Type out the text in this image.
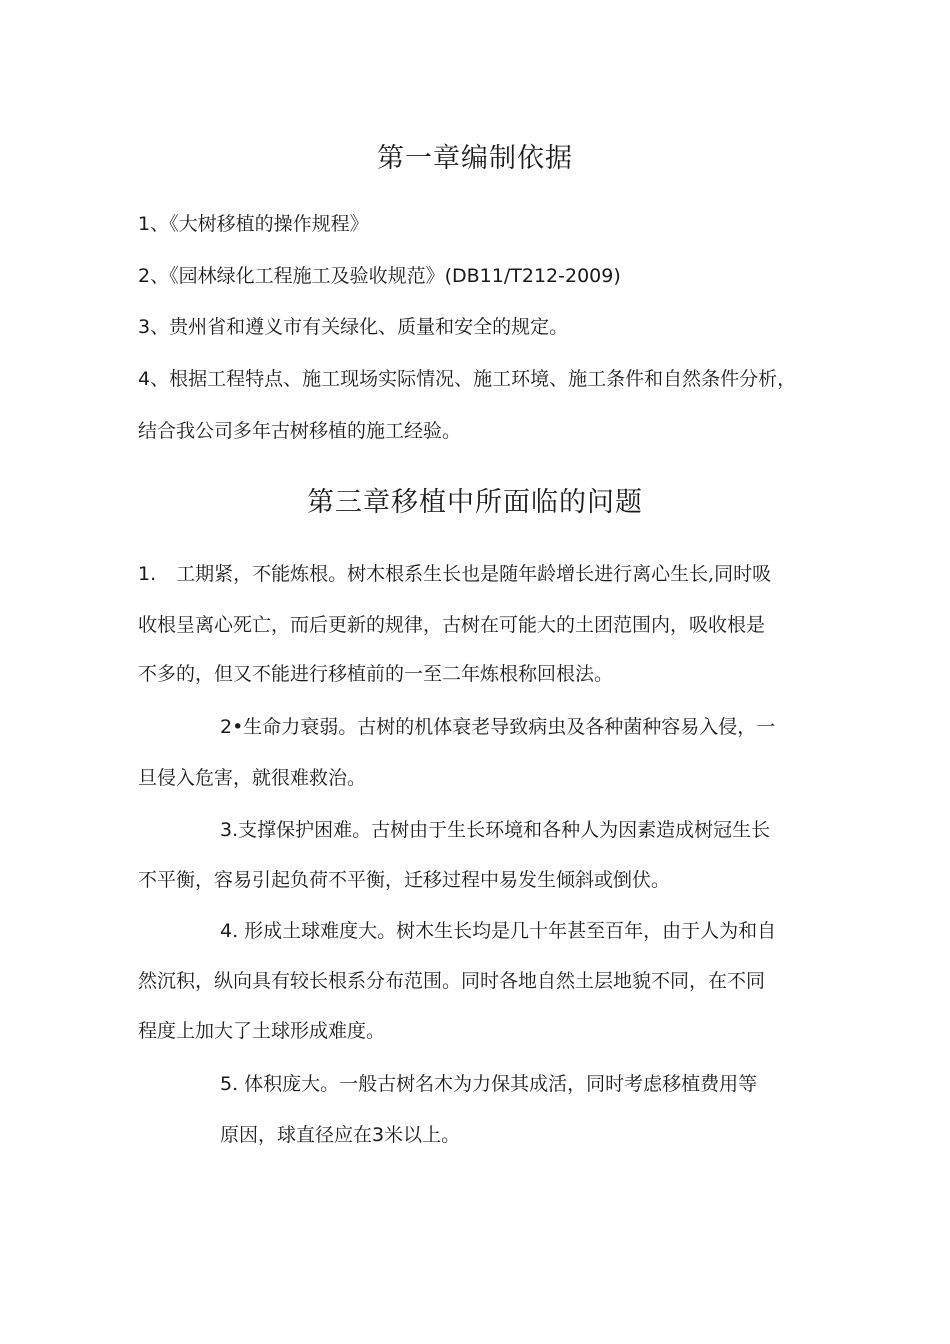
第一章编制依据

1、《大树移植的操作规程》

2、《园林绿化工程施工及验收规范》(DB11/T212-2009)

3、贵州省和遵义市有关绿化、质量和安全的规定。

4、根据工程特点、施工现场实际情况、施工环境、施工条件和自然条件分析，

结合我公司多年古树移植的施工经验。

第三章移植中所面临的问题

1. 工期紧，不能炼根。树木根系生长也是随年龄增长进行离心生长,同时吸

收根呈离心死亡，而后更新的规律，古树在可能大的土团范围内，吸收根是

不多的，但又不能进行移植前的一至二年炼根称回根法。

2•生命力衰弱。古树的机体衰老导致病虫及各种菌种容易入侵，一

旦侵入危害，就很难救治。

3.支撑保护困难。古树由于生长环境和各种人为因素造成树冠生长

不平衡，容易引起负荷不平衡，迁移过程中易发生倾斜或倒伏。

4. 形成土球难度大。树木生长均是几十年甚至百年，由于人为和自

然沉积，纵向具有较长根系分布范围。同时各地自然土层地貌不同，在不同

程度上加大了土球形成难度。

5. 体积庞大。一般古树名木为力保其成活，同时考虑移植费用等

原因，球直径应在3米以上。
